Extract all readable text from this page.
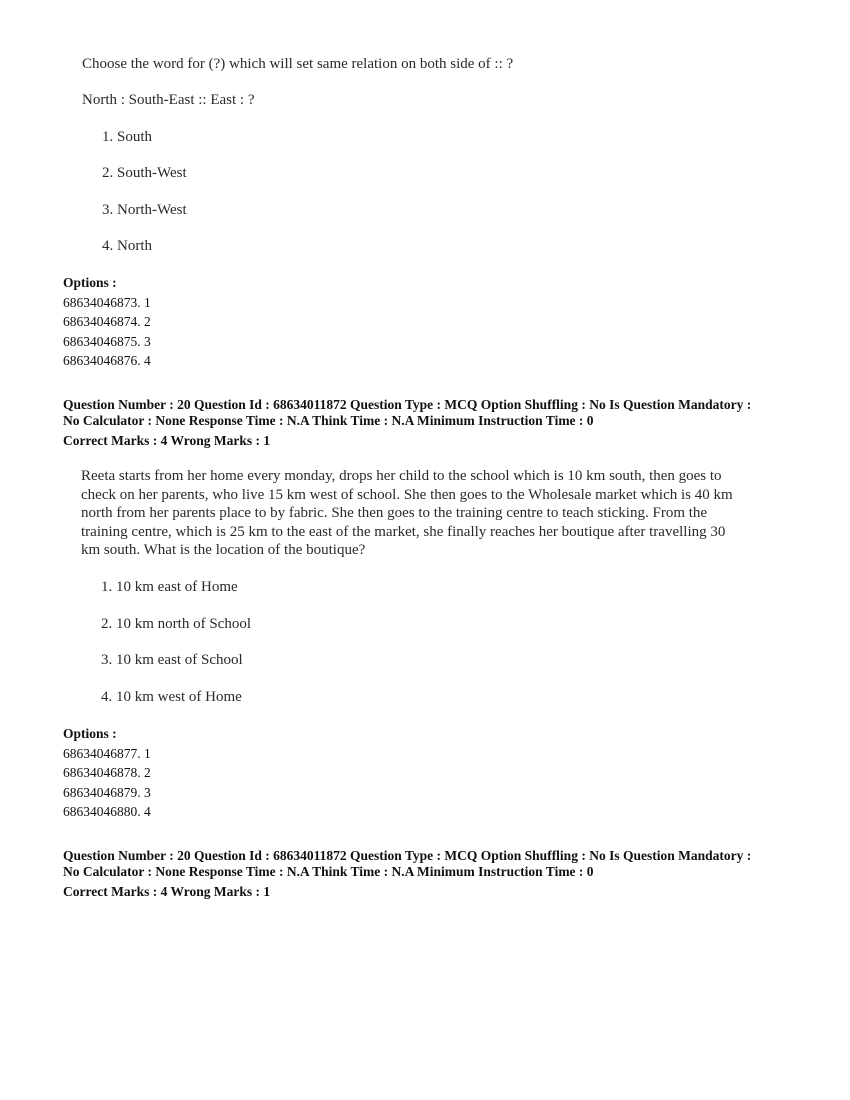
Choose the word for (?) which will set same relation on both side of :: ?
North : South-East :: East : ?
1. South
2. South-West
3. North-West
4. North
Options :
68634046873. 1
68634046874. 2
68634046875. 3
68634046876. 4
Question Number : 20 Question Id : 68634011872 Question Type : MCQ Option Shuffling : No Is Question Mandatory :
No Calculator : None Response Time : N.A Think Time : N.A Minimum Instruction Time : 0
Correct Marks : 4 Wrong Marks : 1
Reeta starts from her home every monday, drops her child to the school which is 10 km south, then goes to
check on her parents, who live 15 km west of school. She then goes to the Wholesale market which is 40 km
north from her parents place to by fabric. She then goes to the training centre to teach sticking. From the
training centre, which is 25 km to the east of the market, she finally reaches her boutique after travelling 30
km south. What is the location of the boutique?
1. 10 km east of Home
2. 10 km north of School
3. 10 km east of School
4. 10 km west of Home
Options :
68634046877. 1
68634046878. 2
68634046879. 3
68634046880. 4
Question Number : 20 Question Id : 68634011872 Question Type : MCQ Option Shuffling : No Is Question Mandatory :
No Calculator : None Response Time : N.A Think Time : N.A Minimum Instruction Time : 0
Correct Marks : 4 Wrong Marks : 1
